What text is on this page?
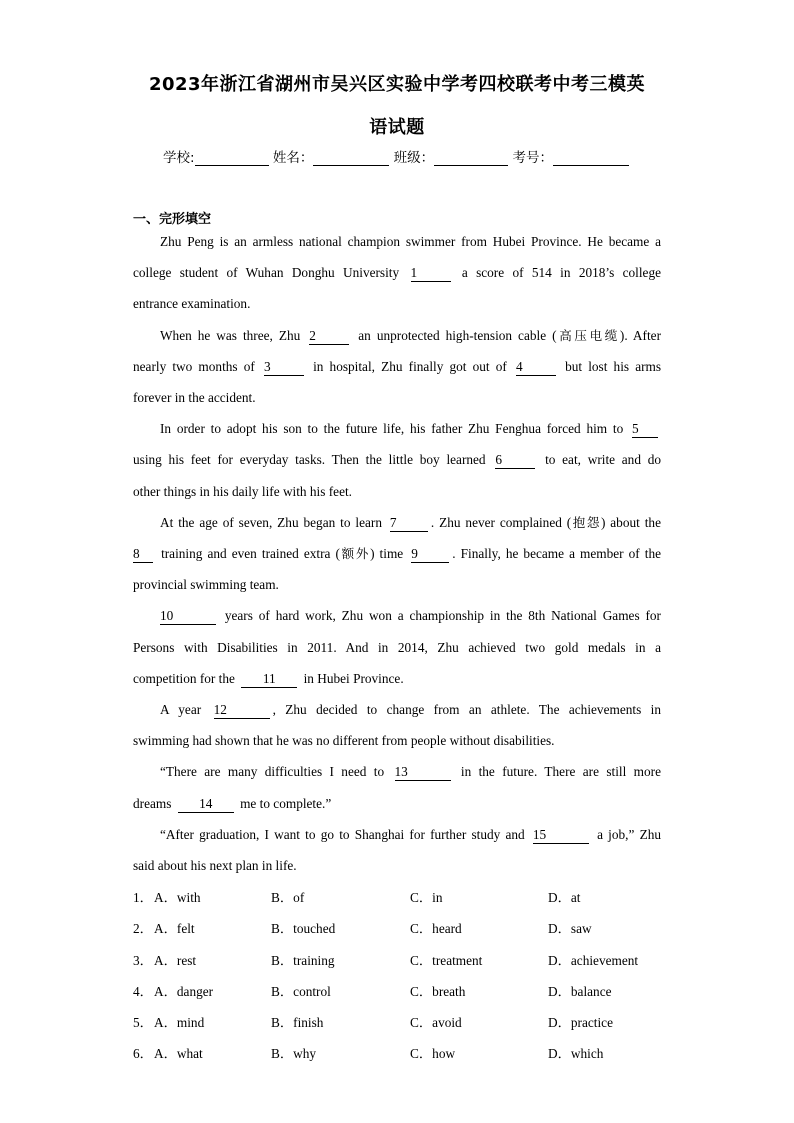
2023年浙江省湖州市吴兴区实验中学考四校联考中考三模英
语试题
学校:	姓名：	班级：	考号：
一、完形填空
Zhu Peng is an armless national champion swimmer from Hubei Province. He became a
college student of Wuhan Donghu University 1	a score of 514 in 2018’s college
entrance examination.
When he was three, Zhu 2	an unprotected high-tension cable (高压电缆). After
nearly two months of 3	in hospital, Zhu finally got out of 4	but lost his arms
forever in the accident.
In order to adopt his son to the future life, his father Zhu Fenghua forced him to 5
using his feet for everyday tasks. Then the little boy learned 6	to eat, write and do
other things in his daily life with his feet.
At the age of seven, Zhu began to learn 7	. Zhu never complained (抱怨) about the
8 training and even trained extra (额外) time 9	. Finally, he became a member of the
provincial swimming team.
10	years of hard work, Zhu won a championship in the 8th National Games for
Persons with Disabilities in 2011. And in 2014, Zhu achieved two gold medals in a
competition for the 11 in Hubei Province.
A year 12	, Zhu decided to change from an athlete. The achievements in
swimming had shown that he was no different from people without disabilities.
“There are many difficulties I need to 13	in the future. There are still more
dreams 14 me to complete.”
“After graduation, I want to go to Shanghai for further study and 15	a job,” Zhu
said about his next plan in life.
1． A．with	B．of	C．in	D．at
2． A．felt	B．touched	C．heard	D．saw
3． A．rest	B．training	C．treatment	D．achievement
4． A．danger	B．control	C．breath	D．balance
5． A．mind	B．finish	C．avoid	D．practice
6． A．what	B．why	C．how	D．which
